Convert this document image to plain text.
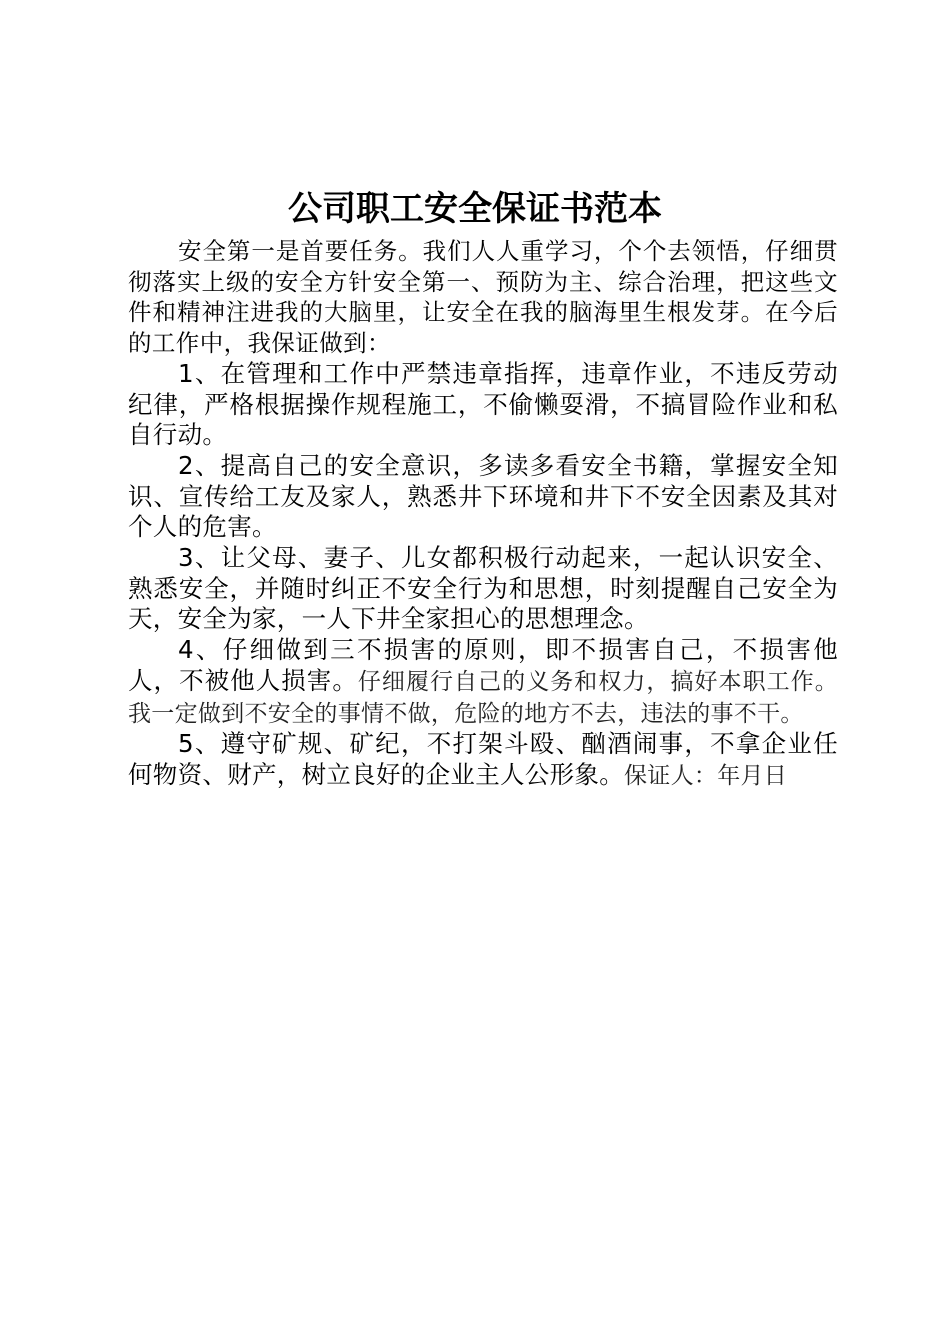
公司职工安全保证书范本

安全第一是首要任务。我们人人重学习，个个去领悟，仔细贯彻落实上级的安全方针安全第一、预防为主、综合治理，把这些文件和精神注进我的大脑里，让安全在我的脑海里生根发芽。在今后的工作中，我保证做到：

1、在管理和工作中严禁违章指挥，违章作业，不违反劳动纪律，严格根据操作规程施工，不偷懒耍滑，不搞冒险作业和私自行动。

2、提高自己的安全意识，多读多看安全书籍，掌握安全知识、宣传给工友及家人，熟悉井下环境和井下不安全因素及其对个人的危害。

3、让父母、妻子、儿女都积极行动起来，一起认识安全、熟悉安全，并随时纠正不安全行为和思想，时刻提醒自己安全为天，安全为家，一人下井全家担心的思想理念。

4、仔细做到三不损害的原则，即不损害自己，不损害他人，不被他人损害。仔细履行自己的义务和权力，搞好本职工作。我一定做到不安全的事情不做，危险的地方不去，违法的事不干。

5、遵守矿规、矿纪，不打架斗殴、酗酒闹事，不拿企业任何物资、财产，树立良好的企业主人公形象。保证人：年月日
